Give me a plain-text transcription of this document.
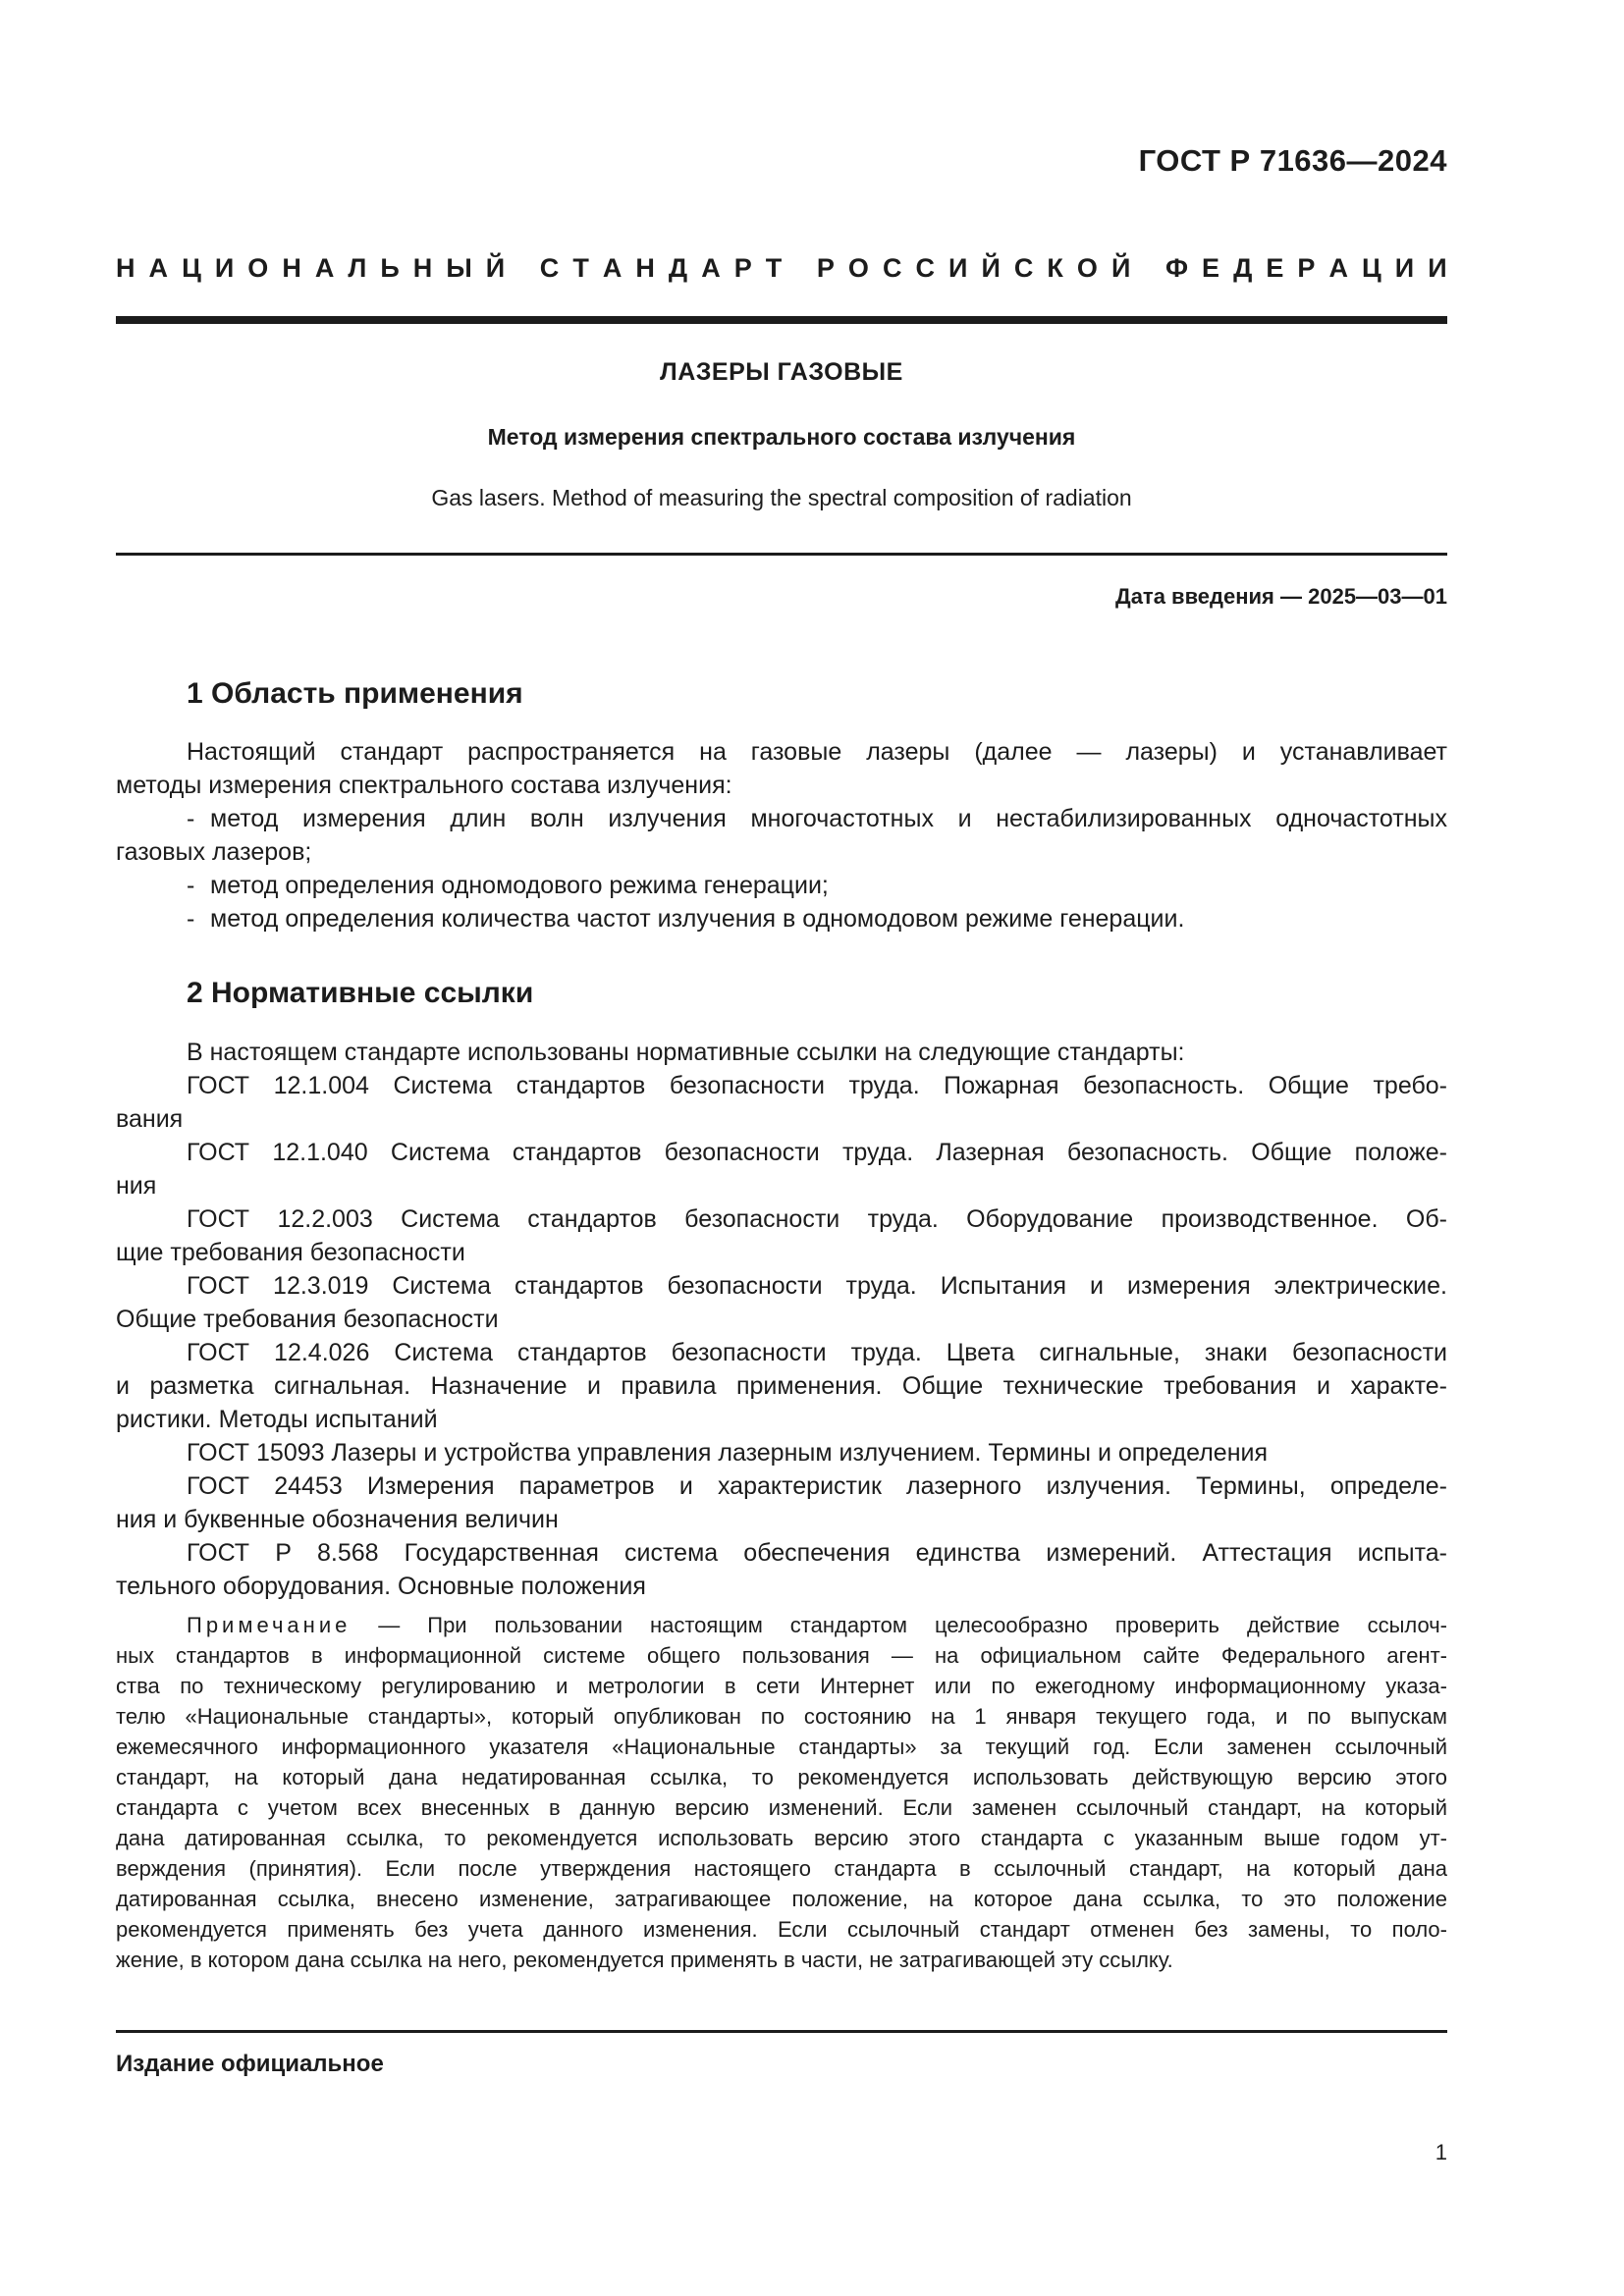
ГОСТ Р 71636—2024
Н А Ц И О Н А Л Ь Н Ы Й
С Т А Н Д А Р Т
Р О С С И Й С К О Й
Ф Е Д Е Р А Ц И И
ЛАЗЕРЫ ГАЗОВЫЕ
Метод измерения спектрального состава излучения
Gas lasers. Method of measuring the spectral composition of radiation
Дата введения — 2025—03—01
1 Область применения
Настоящий стандарт распространяется на газовые лазеры (далее — лазеры) и устанавливает
методы измерения спектрального состава излучения:
- метод измерения длин волн излучения многочастотных и нестабилизированных одночастотных
газовых лазеров;
- метод определения одномодового режима генерации;
- метод определения количества частот излучения в одномодовом режиме генерации.
2 Нормативные ссылки
В настоящем стандарте использованы нормативные ссылки на следующие стандарты:
ГОСТ 12.1.004 Система стандартов безопасности труда. Пожарная безопасность. Общие требо-
вания
ГОСТ 12.1.040 Система стандартов безопасности труда. Лазерная безопасность. Общие положе-
ния
ГОСТ 12.2.003 Система стандартов безопасности труда. Оборудование производственное. Об-
щие требования безопасности
ГОСТ 12.3.019 Система стандартов безопасности труда. Испытания и измерения электрические.
Общие требования безопасности
ГОСТ 12.4.026 Система стандартов безопасности труда. Цвета сигнальные, знаки безопасности
и разметка сигнальная. Назначение и правила применения. Общие технические требования и характе-
ристики. Методы испытаний
ГОСТ 15093 Лазеры и устройства управления лазерным излучением. Термины и определения
ГОСТ 24453 Измерения параметров и характеристик лазерного излучения. Термины, определе-
ния и буквенные обозначения величин
ГОСТ Р 8.568 Государственная система обеспечения единства измерений. Аттестация испыта-
тельного оборудования. Основные положения
Примечание — При пользовании настоящим стандартом целесообразно проверить действие ссылоч-
ных стандартов в информационной системе общего пользования — на официальном сайте Федерального агент-
ства по техническому регулированию и метрологии в сети Интернет или по ежегодному информационному указа-
телю «Национальные стандарты», который опубликован по состоянию на 1 января текущего года, и по выпускам
ежемесячного информационного указателя «Национальные стандарты» за текущий год. Если заменен ссылочный
стандарт, на который дана недатированная ссылка, то рекомендуется использовать действующую версию этого
стандарта с учетом всех внесенных в данную версию изменений. Если заменен ссылочный стандарт, на который
дана датированная ссылка, то рекомендуется использовать версию этого стандарта с указанным выше годом ут-
верждения (принятия). Если после утверждения настоящего стандарта в ссылочный стандарт, на который дана
датированная ссылка, внесено изменение, затрагивающее положение, на которое дана ссылка, то это положение
рекомендуется применять без учета данного изменения. Если ссылочный стандарт отменен без замены, то поло-
жение, в котором дана ссылка на него, рекомендуется применять в части, не затрагивающей эту ссылку.
Издание официальное
1
